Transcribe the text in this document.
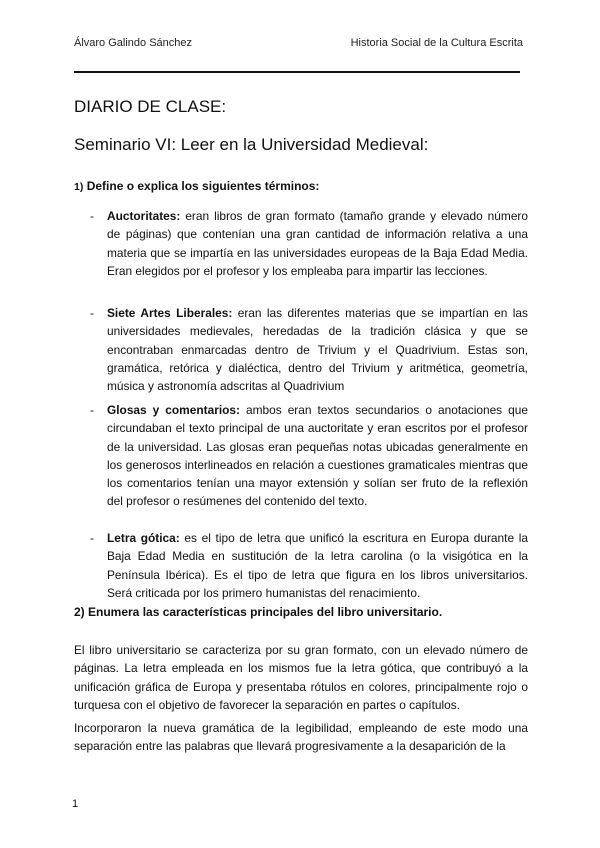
Álvaro Galindo Sánchez	Historia Social de la Cultura Escrita
DIARIO DE CLASE:
Seminario VI: Leer en la Universidad Medieval:
1) Define o explica los siguientes términos:
- Auctoritates: eran libros de gran formato (tamaño grande y elevado número de páginas) que contenían una gran cantidad de información relativa a una materia que se impartía en las universidades europeas de la Baja Edad Media. Eran elegidos por el profesor y los empleaba para impartir las lecciones.
- Siete Artes Liberales: eran las diferentes materias que se impartían en las universidades medievales, heredadas de la tradición clásica y que se encontraban enmarcadas dentro de Trivium y el Quadrivium. Estas son, gramática, retórica y dialéctica, dentro del Trivium y aritmética, geometría, música y astronomía adscritas al Quadrivium
- Glosas y comentarios: ambos eran textos secundarios o anotaciones que circundaban el texto principal de una auctoritate y eran escritos por el profesor de la universidad. Las glosas eran pequeñas notas ubicadas generalmente en los generosos interlineados en relación a cuestiones gramaticales mientras que los comentarios tenían una mayor extensión y solían ser fruto de la reflexión del profesor o resúmenes del contenido del texto.
- Letra gótica: es el tipo de letra que unificó la escritura en Europa durante la Baja Edad Media en sustitución de la letra carolina (o la visigótica en la Península Ibérica). Es el tipo de letra que figura en los libros universitarios. Será criticada por los primero humanistas del renacimiento.
2) Enumera las características principales del libro universitario.
El libro universitario se caracteriza por su gran formato, con un elevado número de páginas. La letra empleada en los mismos fue la letra gótica, que contribuyó a la unificación gráfica de Europa y presentaba rótulos en colores, principalmente rojo o turquesa con el objetivo de favorecer la separación en partes o capítulos.
Incorporaron la nueva gramática de la legibilidad, empleando de este modo una separación entre las palabras que llevará progresivamente a la desaparición de la
1
